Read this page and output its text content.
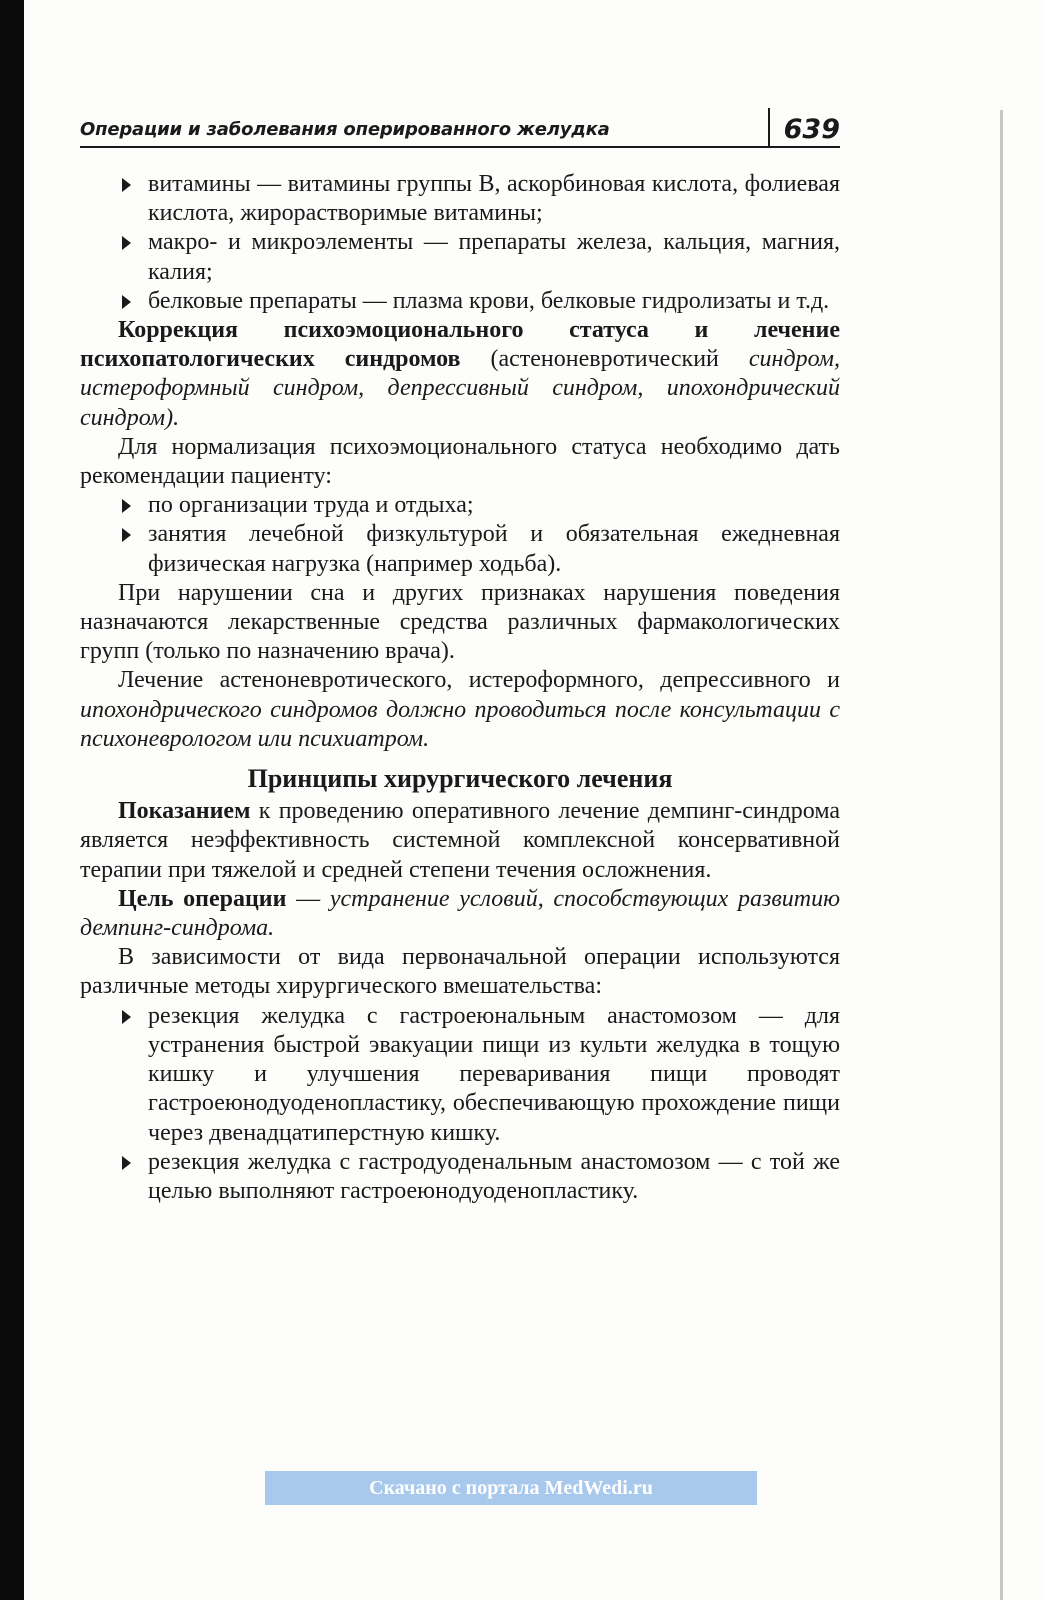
Операции и заболевания оперированного желудка	639
витамины — витамины группы В, аскорбиновая кислота, фолиевая кислота, жирорастворимые витамины;
макро- и микроэлементы — препараты железа, кальция, магния, калия;
белковые препараты — плазма крови, белковые гидролизаты и т.д.

Коррекция психоэмоционального статуса и лечение психопатологических синдромов (астеноневротический синдром, истероформный синдром, депрессивный синдром, ипохондрический синдром).

Для нормализация психоэмоционального статуса необходимо дать рекомендации пациенту:

по организации труда и отдыха;
занятия лечебной физкультурой и обязательная ежедневная физическая нагрузка (например ходьба).

При нарушении сна и других признаках нарушения поведения назначаются лекарственные средства различных фармакологических групп (только по назначению врача).

Лечение астеноневротического, истероформного, депрессивного и ипохондрического синдромов должно проводиться после консультации с психоневрологом или психиатром.

Принципы хирургического лечения

Показанием к проведению оперативного лечение демпинг-синдрома является неэффективность системной комплексной консервативной терапии при тяжелой и средней степени течения осложнения.

Цель операции — устранение условий, способствующих развитию демпинг-синдрома.

В зависимости от вида первоначальной операции используются различные методы хирургического вмешательства:

резекция желудка с гастроеюнальным анастомозом — для устранения быстрой эвакуации пищи из культи желудка в тощую кишку и улучшения переваривания пищи проводят гастроеюнодуоденопластику, обеспечивающую прохождение пищи через двенадцатиперстную кишку.
резекция желудка с гастродуоденальным анастомозом — с той же целью выполняют гастроеюнодуоденопластику.
Скачано с портала MedWedi.ru
